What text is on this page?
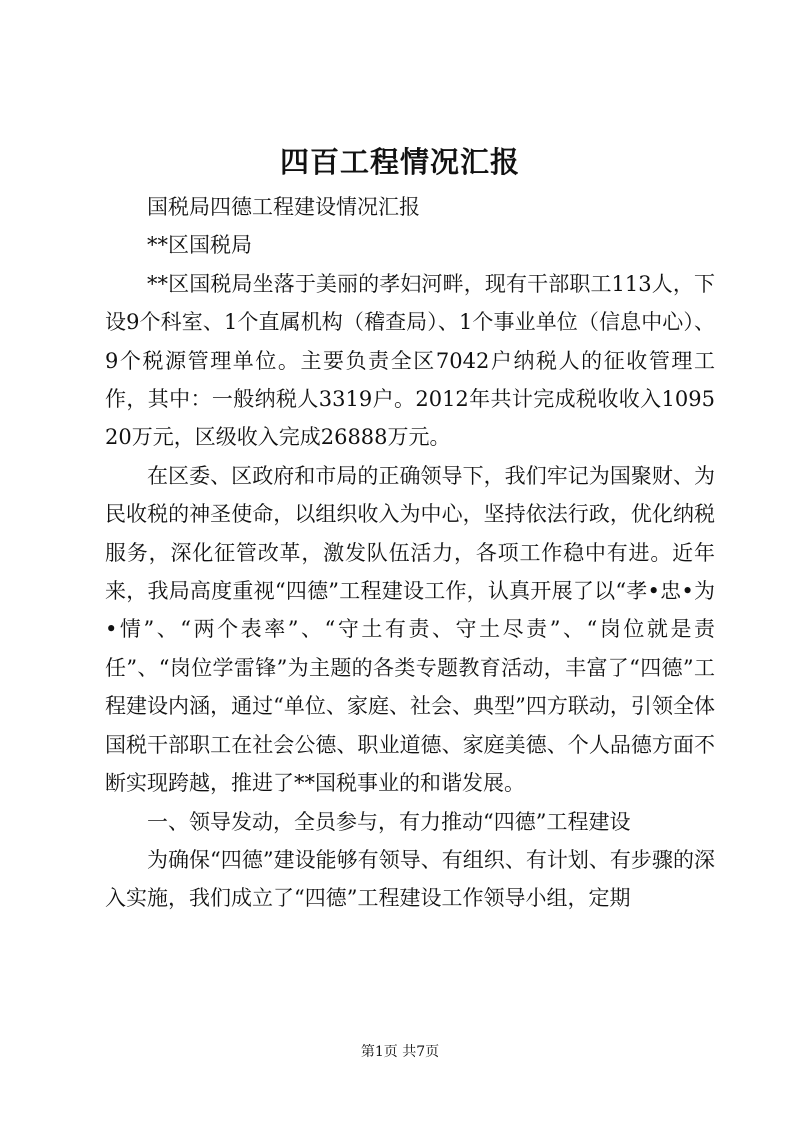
四百工程情况汇报

国税局四德工程建设情况汇报

**区国税局

**区国税局坐落于美丽的孝妇河畔，现有干部职工113人，下设9个科室、1个直属机构（稽查局）、1个事业单位（信息中心）、9个税源管理单位。主要负责全区7042户纳税人的征收管理工作，其中：一般纳税人3319户。2012年共计完成税收收入109520万元，区级收入完成26888万元。

在区委、区政府和市局的正确领导下，我们牢记为国聚财、为民收税的神圣使命，以组织收入为中心，坚持依法行政，优化纳税服务，深化征管改革，激发队伍活力，各项工作稳中有进。近年来，我局高度重视“四德”工程建设工作，认真开展了以“孝•忠•为•情”、“两个表率”、“守土有责、守土尽责”、“岗位就是责任”、“岗位学雷锋”为主题的各类专题教育活动，丰富了“四德”工程建设内涵，通过“单位、家庭、社会、典型”四方联动，引领全体国税干部职工在社会公德、职业道德、家庭美德、个人品德方面不断实现跨越，推进了**国税事业的和谐发展。

一、领导发动，全员参与，有力推动“四德”工程建设

为确保“四德”建设能够有领导、有组织、有计划、有步骤的深入实施，我们成立了“四德”工程建设工作领导小组，定期

第1页 共7页
